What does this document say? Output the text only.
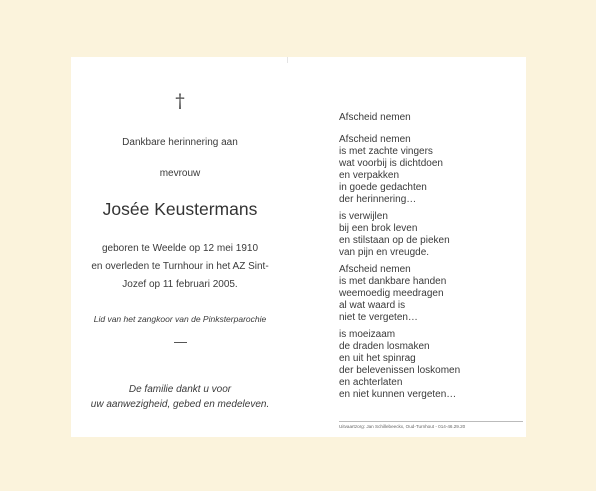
†
Dankbare herinnering aan
mevrouw
Josée Keustermans
geboren te Weelde op 12 mei 1910
en overleden te Turnhour in het AZ Sint-
Jozef op 11 februari 2005.
Lid van het zangkoor van de Pinksterparochie
De familie dankt u voor
uw aanwezigheid, gebed en medeleven.
Afscheid nemen
Afscheid nemen
is met zachte vingers
wat voorbij is dichtdoen
en verpakken
in goede gedachten
der herinnering…
is verwijlen
bij een brok leven
en stilstaan op de pieken
van pijn en vreugde.
Afscheid nemen
is met dankbare handen
weemoedig meedragen
al wat waard is
niet te vergeten…
is moeizaam
de draden losmaken
en uit het spinrag
der belevenissen loskomen
en achterlaten
en niet kunnen vergeten…
Uitvaartzorg: Jan Schillebeeckx, Oud-Turnhout - 014-46.29.20
